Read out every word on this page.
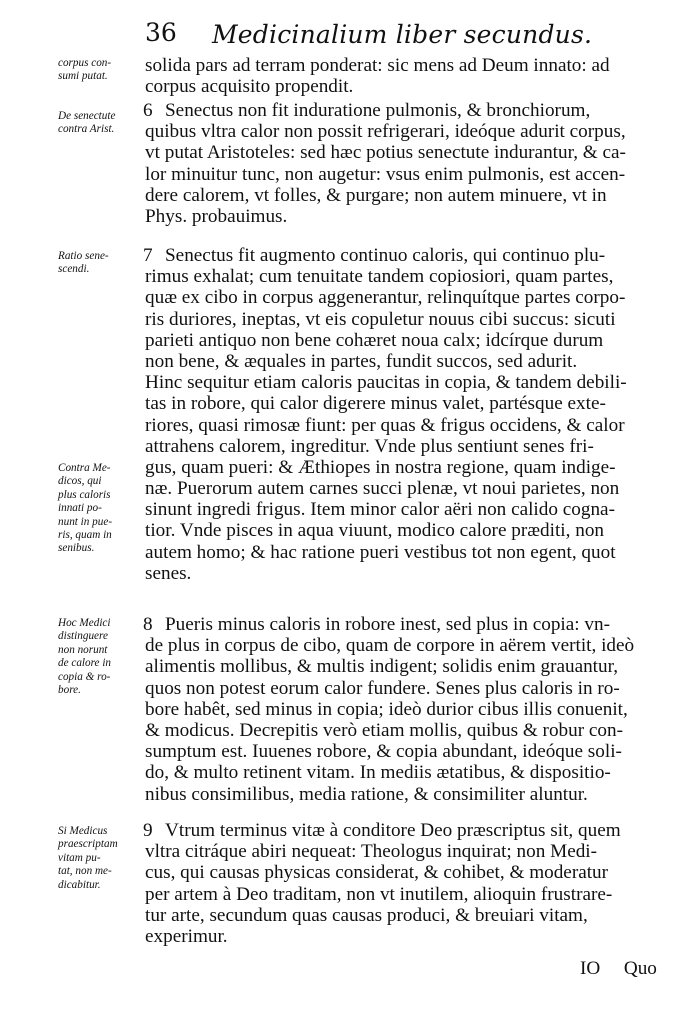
36 Medicinalium liber secundus.
corpus con-
sumi putat.
De senectute
contra Arist.
Ratio sene-
scendi.
Contra Me-
dicos, qui
plus caloris
innati po-
nunt in pue-
ris, quam in
senibus.
Hoc Medici
distinguere
non norunt
de calore in
copia & ro-
bore.
Si Medicus
praescriptam
vitam pu-
tat, non me-
dicabitur.
solida pars ad terram ponderat: sic mens ad Deum innato: ad
corpus acquisito propendit.
6 Senectus non fit induratione pulmonis, & bronchiorum,
quibus vltra calor non possit refrigerari, ideóque adurit corpus,
vt putat Aristoteles: sed hæc potius senectute indurantur, & ca-
lor minuitur tunc, non augetur: vsus enim pulmonis, est accen-
dere calorem, vt folles, & purgare; non autem minuere, vt in
Phys. probauimus.
7 Senectus fit augmento continuo caloris, qui continuo plu-
rimus exhalat; cum tenuitate tandem copiosiori, quam partes,
quæ ex cibo in corpus aggenerantur, relinquítque partes corpo-
ris duriores, ineptas, vt eis copuletur nouus cibi succus: sicuti
parieti antiquo non bene cohæret noua calx; idcírque durum
non bene, & æquales in partes, fundit succos, sed adurit.
Hinc sequitur etiam caloris paucitas in copia, & tandem debili-
tas in robore, qui calor digerere minus valet, partésque exte-
riores, quasi rimosæ fiunt: per quas & frigus occidens, & calor
attrahens calorem, ingreditur. Vnde plus sentiunt senes fri-
gus, quam pueri: & Æthiopes in nostra regione, quam indige-
næ. Puerorum autem carnes succi plenæ, vt noui parietes, non
sinunt ingredi frigus. Item minor calor aëri non calido cogna-
tior. Vnde pisces in aqua viuunt, modico calore præditi, non
autem homo; & hac ratione pueri vestibus tot non egent, quot
senes.
8 Pueris minus caloris in robore inest, sed plus in copia: vn-
de plus in corpus de cibo, quam de corpore in aërem vertit, ideò
alimentis mollibus, & multis indigent; solidis enim grauantur,
quos non potest eorum calor fundere. Senes plus caloris in ro-
bore habêt, sed minus in copia; ideò durior cibus illis conuenit,
& modicus. Decrepitis verò etiam mollis, quibus & robur con-
sumptum est. Iuuenes robore, & copia abundant, ideóque soli-
do, & multo retinent vitam. In mediis ætatibus, & dispositio-
nibus consimilibus, media ratione, & consimiliter aluntur.
9 Vtrum terminus vitæ à conditore Deo præscriptus sit, quem
vltra citráque abiri nequeat: Theologus inquirat; non Medi-
cus, qui causas physicas considerat, & cohibet, & moderatur
per artem à Deo traditam, non vt inutilem, alioquin frustrare-
tur arte, secundum quas causas produci, & breuiari vitam,
experimur.
IO Quo
